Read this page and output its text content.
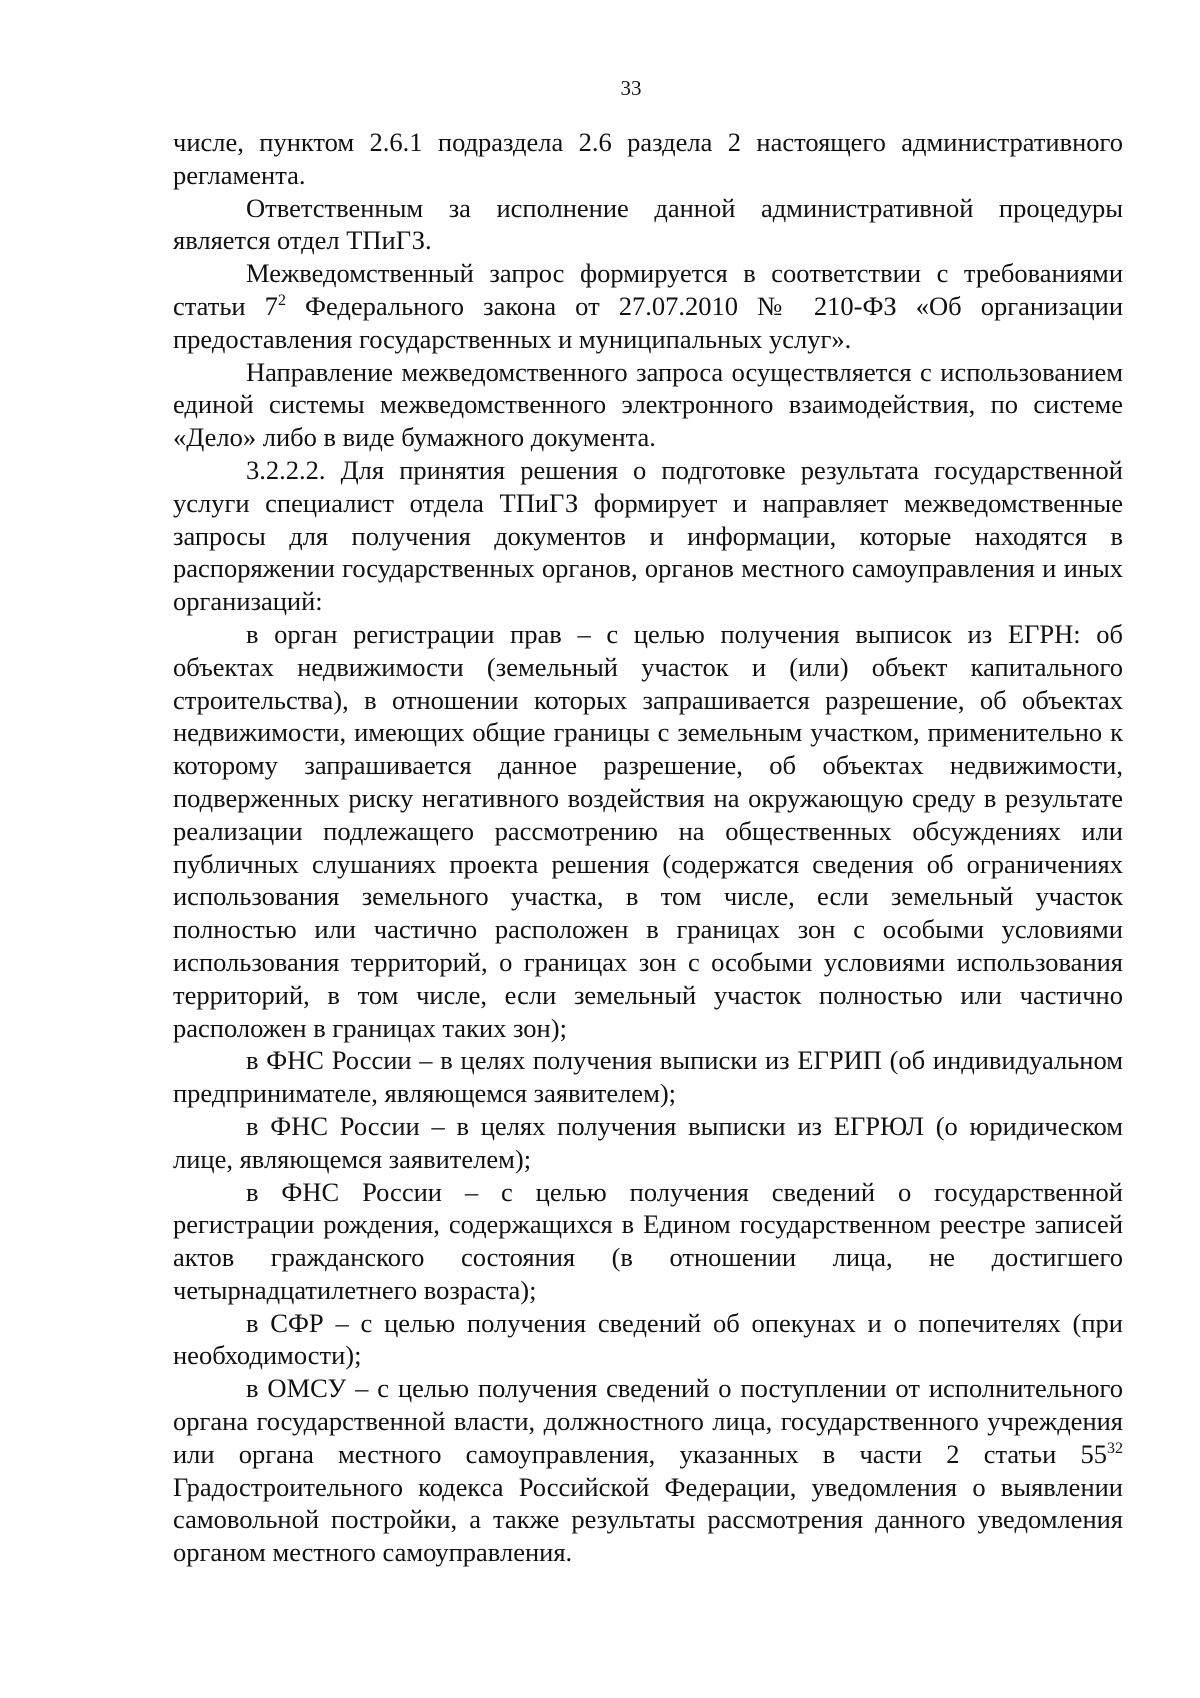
33

числе, пунктом 2.6.1 подраздела 2.6 раздела 2 настоящего административного регламента.

Ответственным за исполнение данной административной процедуры является отдел ТПиГЗ.

Межведомственный запрос формируется в соответствии с требованиями статьи $7^2$ Федерального закона от 27.07.2010 № 210-ФЗ «Об организации предоставления государственных и муниципальных услуг».

Направление межведомственного запроса осуществляется с использованием единой системы межведомственного электронного взаимодействия, по системе «Дело» либо в виде бумажного документа.

3.2.2.2. Для принятия решения о подготовке результата государственной услуги специалист отдела ТПиГЗ формирует и направляет межведомственные запросы для получения документов и информации, которые находятся в распоряжении государственных органов, органов местного самоуправления и иных организаций:

в орган регистрации прав – с целью получения выписок из ЕГРН: об объектах недвижимости (земельный участок и (или) объект капитального строительства), в отношении которых запрашивается разрешение, об объектах недвижимости, имеющих общие границы с земельным участком, применительно к которому запрашивается данное разрешение, об объектах недвижимости, подверженных риску негативного воздействия на окружающую среду в результате реализации подлежащего рассмотрению на общественных обсуждениях или публичных слушаниях проекта решения (содержатся сведения об ограничениях использования земельного участка, в том числе, если земельный участок полностью или частично расположен в границах зон с особыми условиями использования территорий, о границах зон с особыми условиями использования территорий, в том числе, если земельный участок полностью или частично расположен в границах таких зон);

в ФНС России – в целях получения выписки из ЕГРИП (об индивидуальном предпринимателе, являющемся заявителем);

в ФНС России – в целях получения выписки из ЕГРЮЛ (о юридическом лице, являющемся заявителем);

в ФНС России – с целью получения сведений о государственной регистрации рождения, содержащихся в Едином государственном реестре записей актов гражданского состояния (в отношении лица, не достигшего четырнадцатилетнего возраста);

в СФР – с целью получения сведений об опекунах и о попечителях (при необходимости);

в ОМСУ – с целью получения сведений о поступлении от исполнительного органа государственной власти, должностного лица, государственного учреждения или органа местного самоуправления, указанных в части 2 статьи $55^{32}$ Градостроительного кодекса Российской Федерации, уведомления о выявлении самовольной постройки, а также результаты рассмотрения данного уведомления органом местного самоуправления.
